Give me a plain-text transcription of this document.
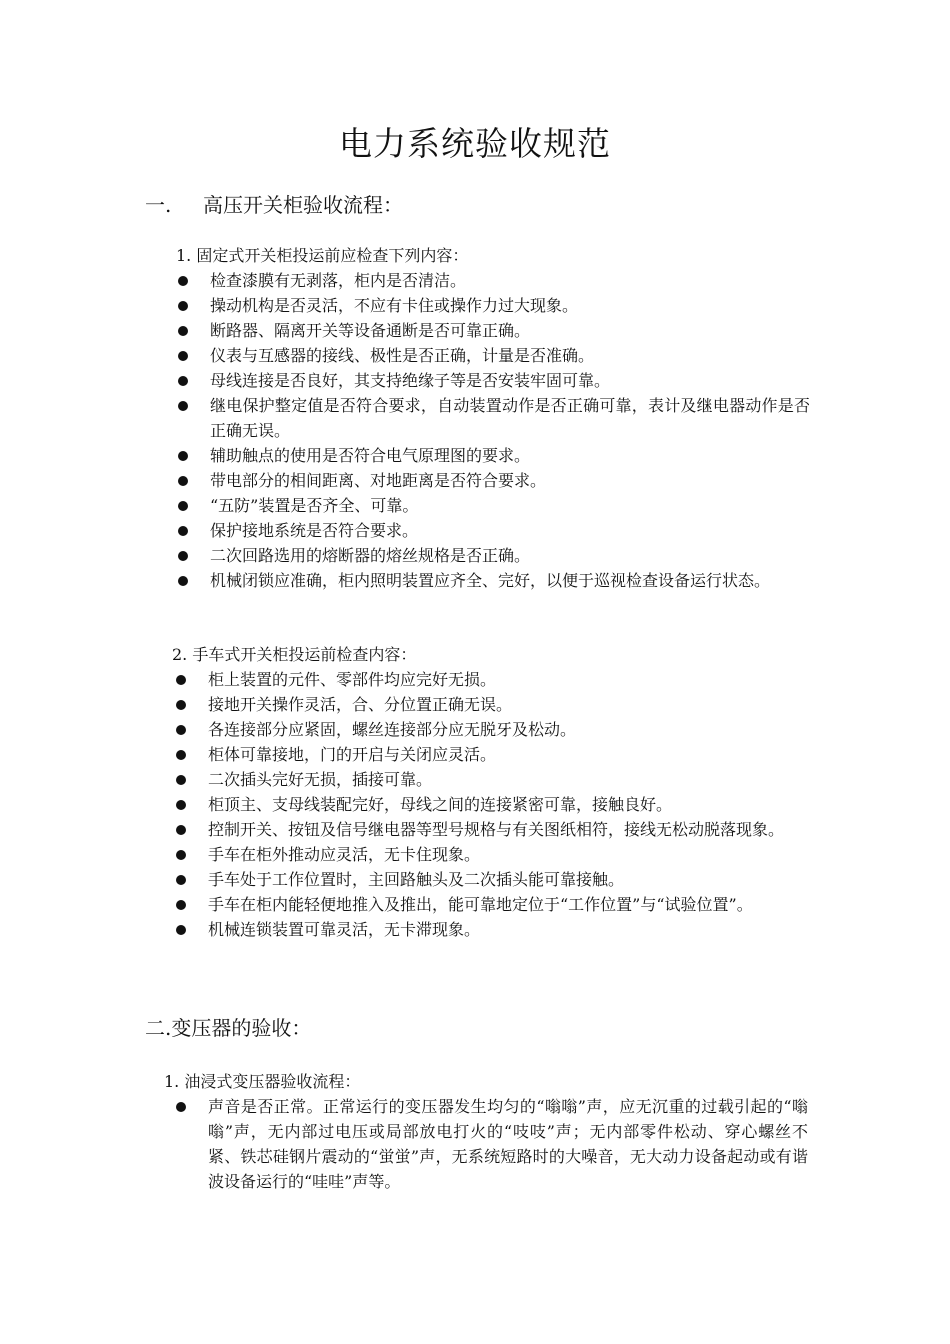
电力系统验收规范
一. 高压开关柜验收流程：
1. 固定式开关柜投运前应检查下列内容：
检查漆膜有无剥落，柜内是否清洁。
操动机构是否灵活，不应有卡住或操作力过大现象。
断路器、隔离开关等设备通断是否可靠正确。
仪表与互感器的接线、极性是否正确，计量是否准确。
母线连接是否良好，其支持绝缘子等是否安装牢固可靠。
继电保护整定值是否符合要求，自动装置动作是否正确可靠，表计及继电器动作是否正确无误。
辅助触点的使用是否符合电气原理图的要求。
带电部分的相间距离、对地距离是否符合要求。
“五防”装置是否齐全、可靠。
保护接地系统是否符合要求。
二次回路选用的熔断器的熔丝规格是否正确。
机械闭锁应准确，柜内照明装置应齐全、完好，以便于巡视检查设备运行状态。
2. 手车式开关柜投运前检查内容：
柜上装置的元件、零部件均应完好无损。
接地开关操作灵活，合、分位置正确无误。
各连接部分应紧固，螺丝连接部分应无脱牙及松动。
柜体可靠接地，门的开启与关闭应灵活。
二次插头完好无损，插接可靠。
柜顶主、支母线装配完好，母线之间的连接紧密可靠，接触良好。
控制开关、按钮及信号继电器等型号规格与有关图纸相符，接线无松动脱落现象。
手车在柜外推动应灵活，无卡住现象。
手车处于工作位置时，主回路触头及二次插头能可靠接触。
手车在柜内能轻便地推入及推出，能可靠地定位于“工作位置”与“试验位置”。
机械连锁装置可靠灵活，无卡滞现象。
二.变压器的验收：
1. 油浸式变压器验收流程：
声音是否正常。正常运行的变压器发生均匀的“嗡嗡”声，应无沉重的过载引起的“嗡嗡”声，无内部过电压或局部放电打火的“吱吱”声；无内部零件松动、穿心螺丝不紧、铁芯硅钢片震动的“蛍蛍”声，无系统短路时的大噪音，无大动力设备起动或有谐波设备运行的“哇哇”声等。
